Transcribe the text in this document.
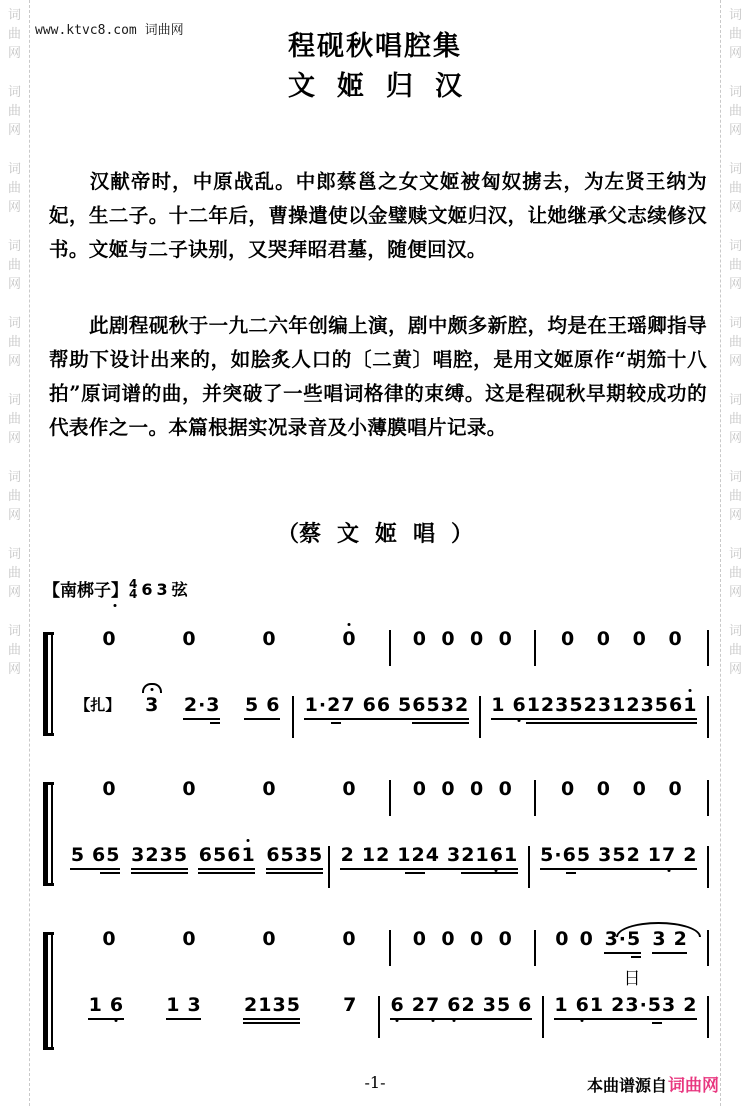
词
曲
网
词
曲
网
词
曲
网
词
曲
网
词
曲
网
词
曲
网
词
曲
网
词
曲
网
词
曲
网
词
曲
网
词
曲
网
词
曲
网
词
曲
网
词
曲
网
词
曲
网
词
曲
网
词
曲
网
词
曲
网
www.ktvc8.com 词曲网
程砚秋唱腔集
文姬归汉

汉献帝时，中原战乱。中郎蔡邕之女文姬被匈奴掳去，为左贤王纳为妃，生二子。十二年后，曹操遣使以金璧赎文姬归汉，让她继承父志续修汉书。文姬与二子诀别，又哭拜昭君墓，随便回汉。

此剧程砚秋于一九二六年创编上演，剧中颇多新腔，均是在王瑶卿指导帮助下设计出来的，如脍炙人口的〔二黄〕唱腔，是用文姬原作“胡笳十八拍”原词谱的曲，并突破了一些唱词格律的束缚。这是程砚秋早期较成功的代表作之一。本篇根据实况录音及小薄膜唱片记录。

（蔡文姬唱）
【南梆子】 4
4 6 3 弦
0	0	0	0	0 0 0 0	0 0 0 0
【扎】 3 2 · 3 5 6 1 · 2 7 6 6 5 6 5 3 2 1 6 1 2 3 5 2 3 1 2 3 5 6 1
0	0	0	0	0 0 0 0	0 0 0 0
5 6 5 3 2 3 5 6 5 6 1 6 5 3 5 2 1 2 1 2 4 3 2 1 6 1 5 · 6 5 3 5 2 1 7 2
0	0	0	0	0 0 0 0 0 0 3 · 5 3 2

日

1 6 1 3 2 1 3 5 7 6 2 7 6 2 3 5 6 1 6 1 2 3 · 5 3 2
-1-	本曲谱源自 词曲网
